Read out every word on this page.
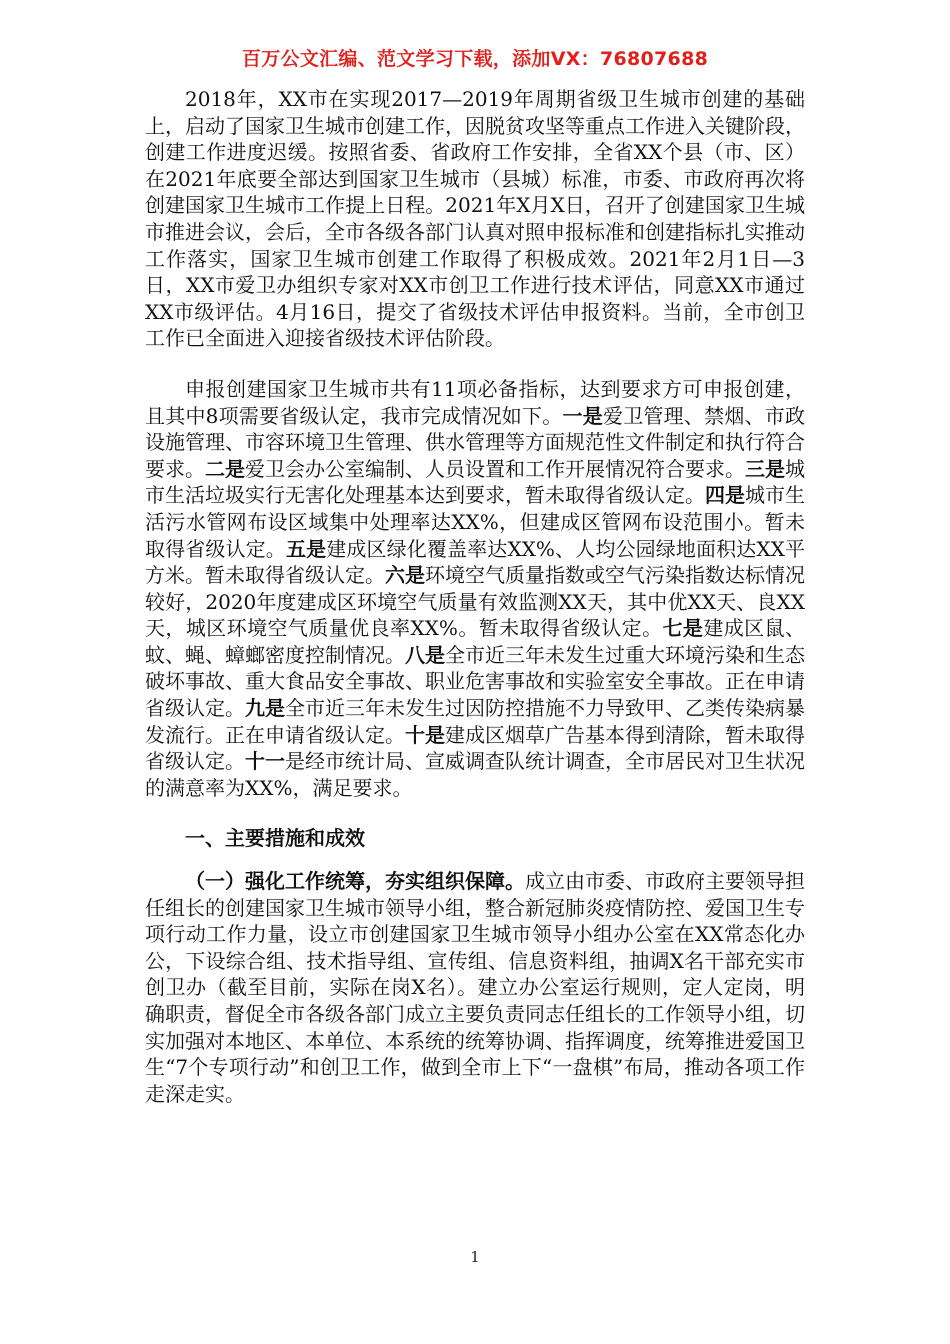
百万公文汇编、范文学习下载，添加VX：76807688

2018年，XX市在实现2017—2019年周期省级卫生城市创建的基础上，启动了国家卫生城市创建工作，因脱贫攻坚等重点工作进入关键阶段，创建工作进度迟缓。按照省委、省政府工作安排，全省XX个县（市、区）在2021年底要全部达到国家卫生城市（县城）标准，市委、市政府再次将创建国家卫生城市工作提上日程。2021年X月X日，召开了创建国家卫生城市推进会议，会后，全市各级各部门认真对照申报标准和创建指标扎实推动工作落实，国家卫生城市创建工作取得了积极成效。2021年2月1日—3日，XX市爱卫办组织专家对XX市创卫工作进行技术评估，同意XX市通过XX市级评估。4月16日，提交了省级技术评估申报资料。当前，全市创卫工作已全面进入迎接省级技术评估阶段。

申报创建国家卫生城市共有11项必备指标，达到要求方可申报创建，且其中8项需要省级认定，我市完成情况如下。一是爱卫管理、禁烟、市政设施管理、市容环境卫生管理、供水管理等方面规范性文件制定和执行符合要求。二是爱卫会办公室编制、人员设置和工作开展情况符合要求。三是城市生活垃圾实行无害化处理基本达到要求，暂未取得省级认定。四是城市生活污水管网布设区域集中处理率达XX%，但建成区管网布设范围小。暂未取得省级认定。五是建成区绿化覆盖率达XX%、人均公园绿地面积达XX平方米。暂未取得省级认定。六是环境空气质量指数或空气污染指数达标情况较好，2020年度建成区环境空气质量有效监测XX天，其中优XX天、良XX天，城区环境空气质量优良率XX%。暂未取得省级认定。七是建成区鼠、蚊、蝇、蟑螂密度控制情况。八是全市近三年未发生过重大环境污染和生态破坏事故、重大食品安全事故、职业危害事故和实验室安全事故。正在申请省级认定。九是全市近三年未发生过因防控措施不力导致甲、乙类传染病暴发流行。正在申请省级认定。十是建成区烟草广告基本得到清除，暂未取得省级认定。十一是经市统计局、宣威调查队统计调查，全市居民对卫生状况的满意率为XX%，满足要求。

一、主要措施和成效

（一）强化工作统筹，夯实组织保障。成立由市委、市政府主要领导担任组长的创建国家卫生城市领导小组，整合新冠肺炎疫情防控、爱国卫生专项行动工作力量，设立市创建国家卫生城市领导小组办公室在XX常态化办公，下设综合组、技术指导组、宣传组、信息资料组，抽调X名干部充实市创卫办（截至目前，实际在岗X名）。建立办公室运行规则，定人定岗，明确职责，督促全市各级各部门成立主要负责同志任组长的工作领导小组，切实加强对本地区、本单位、本系统的统筹协调、指挥调度，统筹推进爱国卫生“7个专项行动”和创卫工作，做到全市上下“一盘棋”布局，推动各项工作走深走实。

1
